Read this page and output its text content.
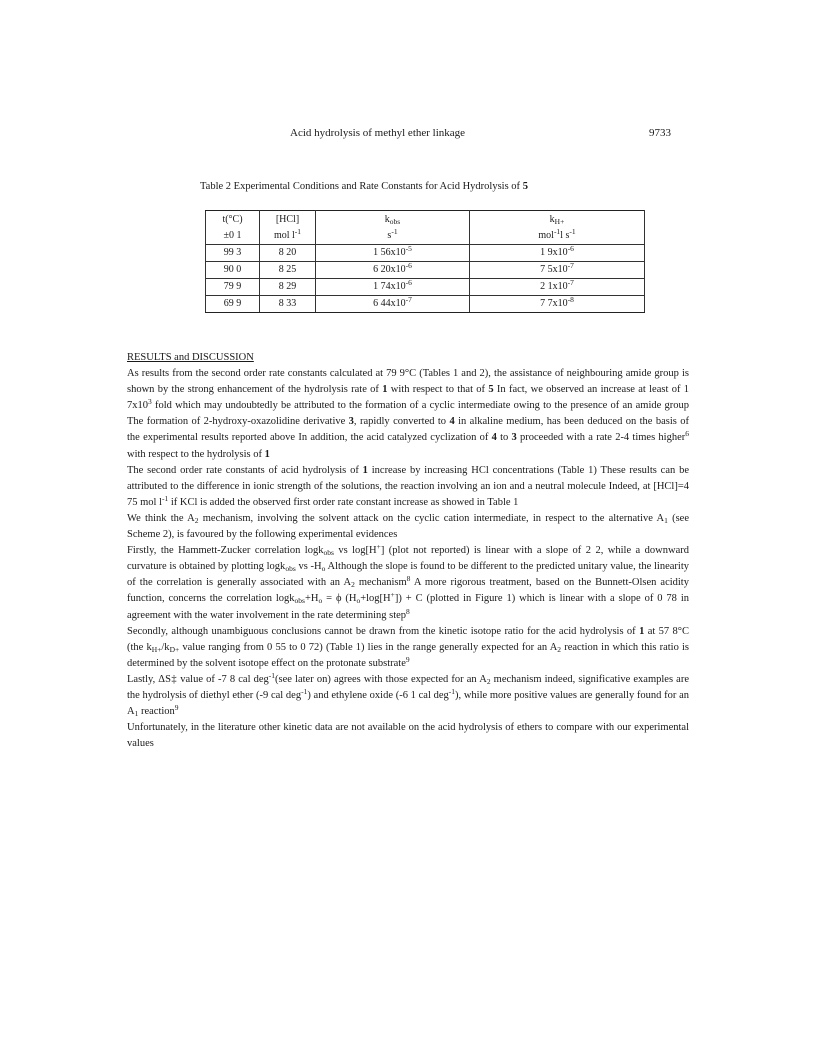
Acid hydrolysis of methyl ether linkage	9733
Table 2 Experimental Conditions and Rate Constants for Acid Hydrolysis of 5
t(°C)	[HCl]	$k_{obs}$	$k_{H+}$
±0 1	mol $l^{-1}$	$s^{-1}$	mol$^{-1}$l $s^{-1}$
99 3	8 20	1 $56x10^{-5}$	1 $9x10^{-6}$
90 0	8 25	6 $20x10^{-6}$	7 $5x10^{-7}$
79 9	8 29	1 $74x10^{-6}$	2 $1x10^{-7}$
69 9	8 33	6 $44x10^{-7}$	7 $7x10^{-8}$

RESULTS and DISCUSSION

As results from the second order rate constants calculated at 79 9°C (Tables 1 and 2), the assistance of neighbouring amide group is shown by the strong enhancement of the hydrolysis rate of 1 with respect to that of 5 In fact, we observed an increase at least of 1 $7x10^3$ fold which may undoubtedly be attributed to the formation of a cyclic intermediate owing to the presence of an amide group The formation of 2-hydroxy-oxazolidine derivative 3, rapidly converted to 4 in alkaline medium, has been deduced on the basis of the experimental results reported above In addition, the acid catalyzed cyclization of 4 to 3 proceeded with a rate 2-4 times higher$^6$ with respect to the hydrolysis of 1

The second order rate constants of acid hydrolysis of 1 increase by increasing HCl concentrations (Table 1) These results can be attributed to the difference in ionic strength of the solutions, the reaction involving an ion and a neutral molecule Indeed, at [HCl]=4 75 mol $l^{-1}$ if KCl is added the observed first order rate constant increase as showed in Table 1

We think the $A_2$ mechanism, involving the solvent attack on the cyclic cation intermediate, in respect to the alternative $A_1$ (see Scheme 2), is favoured by the following experimental evidences

Firstly, the Hammett-Zucker correlation logk$_{obs}$ vs log[H+] (plot not reported) is linear with a slope of 2 2, while a downward curvature is obtained by plotting logk$_{obs}$ vs $-H_o$ Although the slope is found to be different to the predicted unitary value, the linearity of the correlation is generally associated with an $A_2$ mechanism$^8$ A more rigorous treatment, based on the Bunnett-Olsen acidity function, concerns the correlation $\log k_{obs}+H_o = \phi$ $(H_o+\log[H^+]) + C$ (plotted in Figure 1) which is linear with a slope of 0 78 in agreement with the water involvement in the rate determining step$^8$

Secondly, although unambiguous conclusions cannot be drawn from the kinetic isotope ratio for the acid hydrolysis of 1 at 57 8°C (the $k_{H+}/k_{D+}$ value ranging from 0 55 to 0 72) (Table 1) lies in the range generally expected for an $A_2$ reaction in which this ratio is determined by the solvent isotope effect on the protonate substrate$^9$

Lastly, ΔS‡ value of -7 8 cal deg$^{-1}$(see later on) agrees with those expected for an $A_2$ mechanism indeed, significative examples are the hydrolysis of diethyl ether (-9 cal deg$^{-1}$) and ethylene oxide (-6 1 cal deg$^{-1}$), while more positive values are generally found for an $A_1$ reaction$^9$

Unfortunately, in the literature other kinetic data are not available on the acid hydrolysis of ethers to compare with our experimental values
